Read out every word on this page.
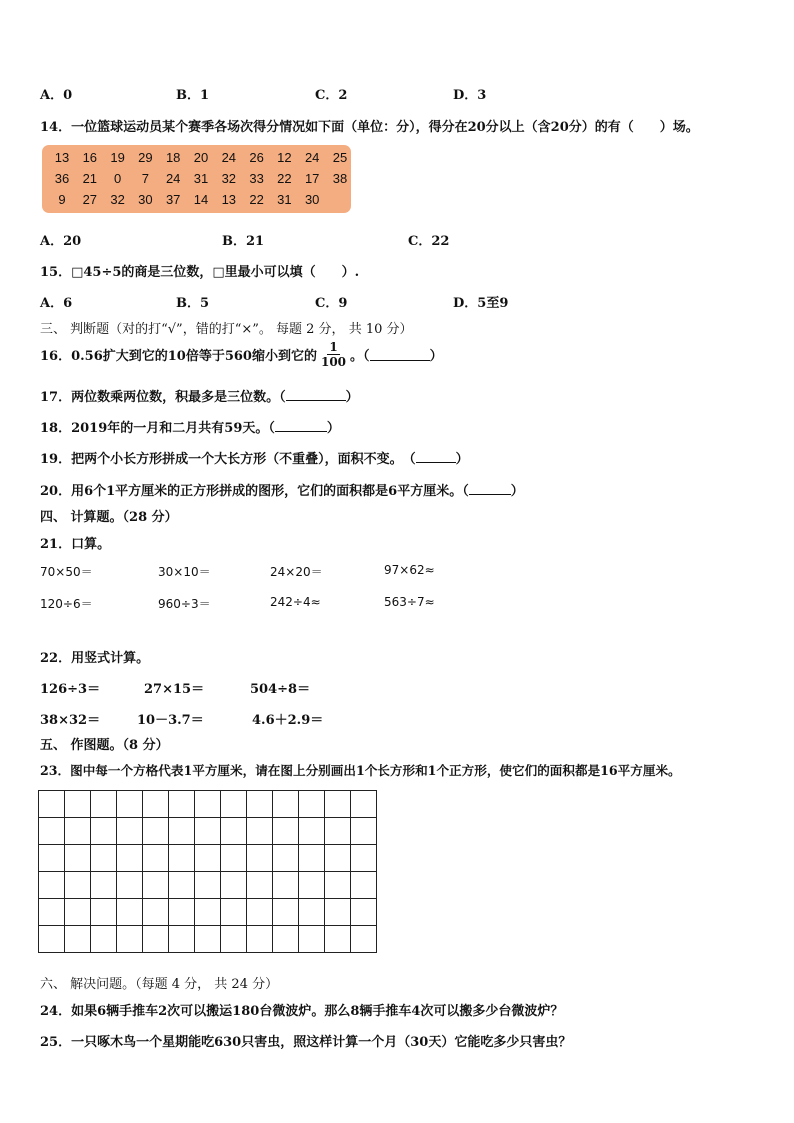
A．0	B．1	C．2	D．3
14．一位篮球运动员某个赛季各场次得分情况如下面（单位：分），得分在20分以上（含20分）的有（　　）场。
13	16	19	29	18	20	24	26	12	24	25
36	21	0	7	24	31	32	33	22	17	38
9	27	32	30	37	14	13	22	31	30
A．20	B．21	C．22
15．□45÷5的商是三位数，□里最小可以填（　　）.
A．6	B．5	C．9	D．5至9
三、 判断题（对的打“√”，错的打“×”。 每题 2 分， 共 10 分）
16．0.56扩大到它的10倍等于560缩小到它的 $\frac{1}{100}$ 。（	）
17．两位数乘两位数，积最多是三位数。（	）
18．2019年的一月和二月共有59天。（	）
19．把两个小长方形拼成一个大长方形（不重叠），面积不变。　（	）
20．用6个1平方厘米的正方形拼成的图形，它们的面积都是6平方厘米。（	）
四、 计算题。（28 分）
21．口算。
70×50＝	30×10＝	24×20＝	97×62≈
120÷6＝	960÷3＝	242÷4≈	563÷7≈
22．用竖式计算。
126÷3＝	27×15＝	504÷8＝
38×32＝	10－3.7＝	4.6＋2.9＝
五、 作图题。（8 分）
23．图中每一个方格代表1平方厘米，请在图上分别画出1个长方形和1个正方形，使它们的面积都是16平方厘米。

六、 解决问题。（每题 4 分， 共 24 分）
24．如果6辆手推车2次可以搬运180台微波炉。那么8辆手推车4次可以搬多少台微波炉？
25．一只啄木鸟一个星期能吃630只害虫，照这样计算一个月（30天）它能吃多少只害虫？
